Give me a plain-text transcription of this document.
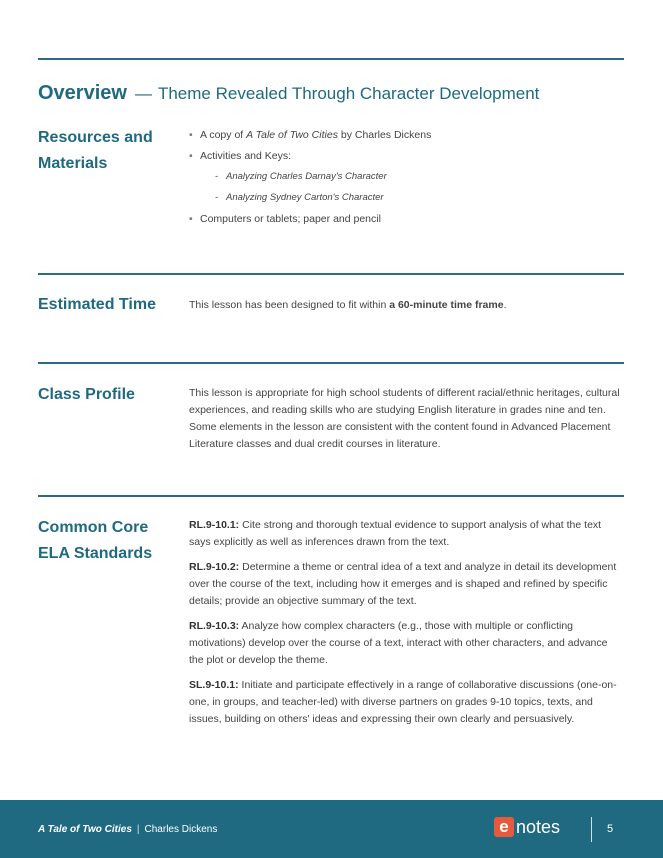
Overview — Theme Revealed Through Character Development
Resources and
Materials
• A copy of A Tale of Two Cities by Charles Dickens
• Activities and Keys:
- Analyzing Charles Darnay's Character
- Analyzing Sydney Carton's Character
• Computers or tablets; paper and pencil
Estimated Time	This lesson has been designed to fit within a 60-minute time frame.

Class Profile	This lesson is appropriate for high school students of different racial/ethnic heritages, cultural experiences, and reading skills who are studying English literature in grades nine and ten. Some elements in the lesson are consistent with the content found in Advanced Placement Literature classes and dual credit courses in literature.

Common Core
ELA Standards

RL.9-10.1: Cite strong and thorough textual evidence to support analysis of what the text says explicitly as well as inferences drawn from the text.

RL.9-10.2: Determine a theme or central idea of a text and analyze in detail its development over the course of the text, including how it emerges and is shaped and refined by specific details; provide an objective summary of the text.

RL.9-10.3: Analyze how complex characters (e.g., those with multiple or conflicting motivations) develop over the course of a text, interact with other characters, and advance the plot or develop the theme.

SL.9-10.1: Initiate and participate effectively in a range of collaborative discussions (one-on-one, in groups, and teacher-led) with diverse partners on grades 9-10 topics, texts, and issues, building on others' ideas and expressing their own clearly and persuasively.

A Tale of Two Cities | Charles Dickens	e notes	5
